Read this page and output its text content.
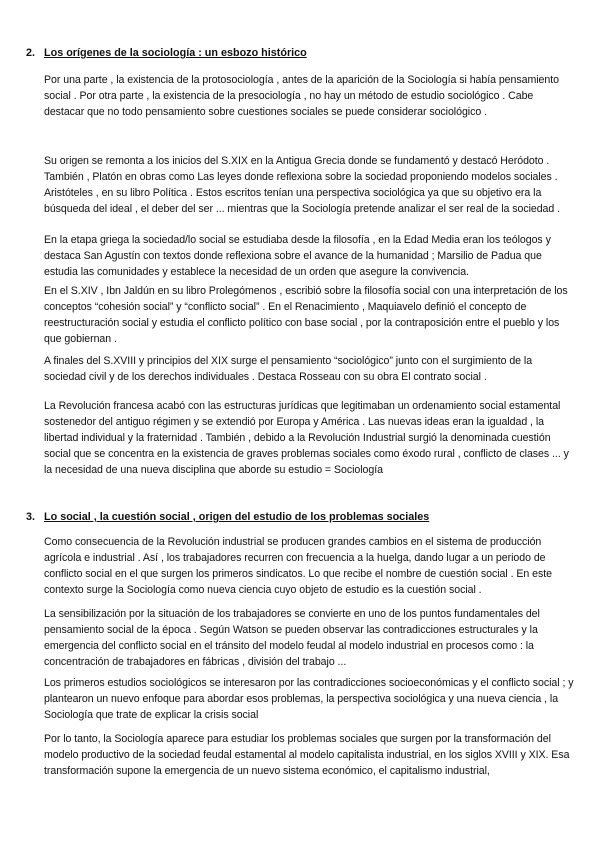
2. Los orígenes de la sociología : un esbozo histórico

Por una parte , la existencia de la protosociología , antes de la aparición de la Sociología si había pensamiento social . Por otra parte , la existencia de la presociología , no hay un método de estudio sociológico . Cabe destacar que no todo pensamiento sobre cuestiones sociales se puede considerar sociológico .

Su origen se remonta a los inicios del S.XIX en la Antigua Grecia donde se fundamentó y destacó Heródoto . También , Platón en obras como Las leyes donde reflexiona sobre la sociedad proponiendo modelos sociales . Aristóteles , en su libro Política . Estos escritos tenían una perspectiva sociológica ya que su objetivo era la búsqueda del ideal , el deber del ser ... mientras que la Sociología pretende analizar el ser real de la sociedad .

En la etapa griega la sociedad/lo social se estudiaba desde la filosofía , en la Edad Media eran los teólogos y destaca San Agustín con textos donde reflexiona sobre el avance de la humanidad ; Marsilio de Padua que estudia las comunidades y establece la necesidad de un orden que asegure la convivencia.

En el S.XIV , Ibn Jaldún en su libro Prolegómenos , escribió sobre la filosofía social con una interpretación de los conceptos “cohesión social” y “conflicto social” . En el Renacimiento , Maquiavelo definió el concepto de reestructuración social y estudia el conflicto político con base social , por la contraposición entre el pueblo y los que gobiernan .

A finales del S.XVIII y principios del XIX surge el pensamiento “sociológico” junto con el surgimiento de la sociedad civil y de los derechos individuales . Destaca Rosseau con su obra El contrato social .

La Revolución francesa acabó con las estructuras jurídicas que legitimaban un ordenamiento social estamental sostenedor del antiguo régimen y se extendió por Europa y América . Las nuevas ideas eran la igualdad , la libertad individual y la fraternidad . También , debido a la Revolución Industrial surgió la denominada cuestión social que se concentra en la existencia de graves problemas sociales como éxodo rural , conflicto de clases ... y la necesidad de una nueva disciplina que aborde su estudio = Sociología

3. Lo social , la cuestión social , origen del estudio de los problemas sociales

Como consecuencia de la Revolución industrial se producen grandes cambios en el sistema de producción agrícola e industrial . Así , los trabajadores recurren con frecuencia a la huelga, dando lugar a un periodo de conflicto social en el que surgen los primeros sindicatos. Lo que recibe el nombre de cuestión social . En este contexto surge la Sociología como nueva ciencia cuyo objeto de estudio es la cuestión social .

La sensibilización por la situación de los trabajadores se convierte en uno de los puntos fundamentales del pensamiento social de la época . Según Watson se pueden observar las contradicciones estructurales y la emergencia del conflicto social en el tránsito del modelo feudal al modelo industrial en procesos como : la concentración de trabajadores en fábricas , división del trabajo ...

Los primeros estudios sociológicos se interesaron por las contradicciones socioeconómicas y el conflicto social ; y plantearon un nuevo enfoque para abordar esos problemas, la perspectiva sociológica y una nueva ciencia , la Sociología que trate de explicar la crisis social

Por lo tanto, la Sociología aparece para estudiar los problemas sociales que surgen por la transformación del modelo productivo de la sociedad feudal estamental al modelo capitalista industrial, en los siglos XVIII y XIX. Esa transformación supone la emergencia de un nuevo sistema económico, el capitalismo industrial,
